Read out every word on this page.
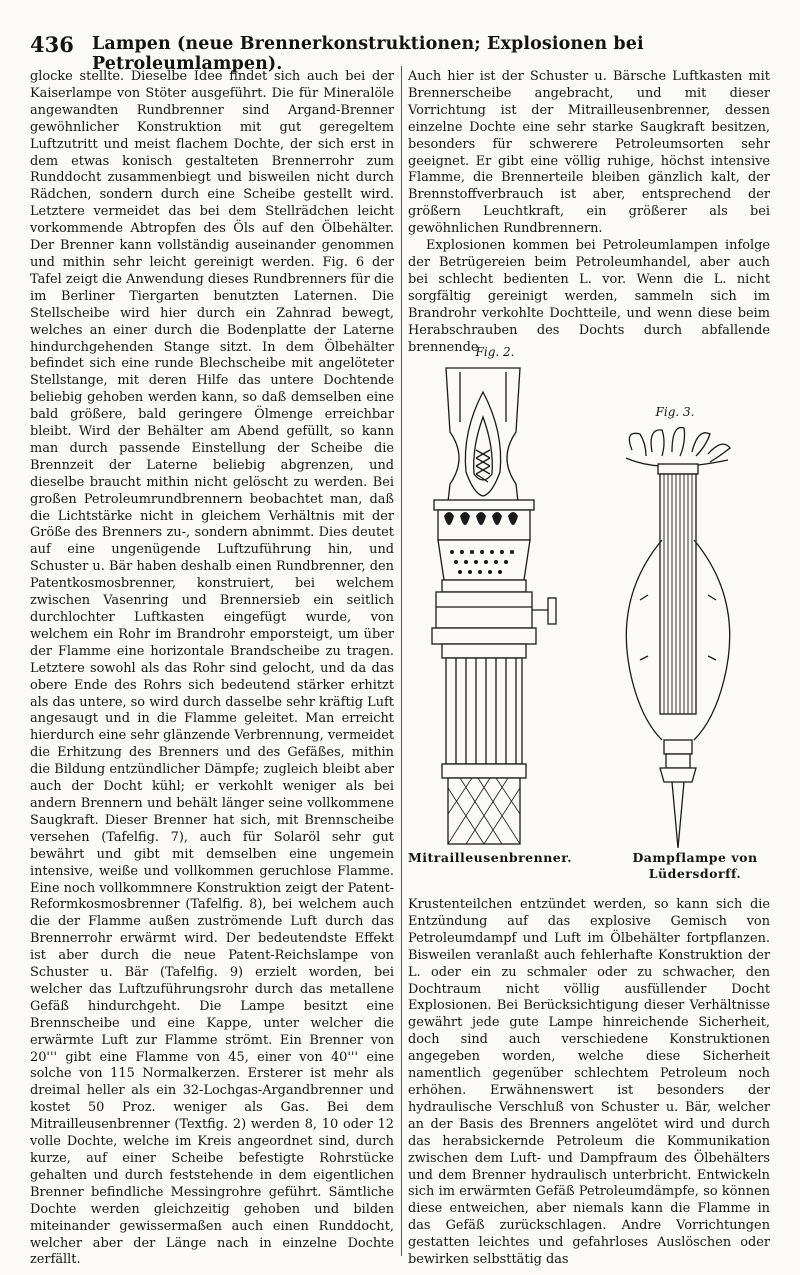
436 Lampen (neue Brennerkonstruktionen; Explosionen bei Petroleumlampen).

glocke stellte. Dieselbe Idee findet sich auch bei der Kaiserlampe von Stöter ausgeführt. Die für Mineralöle angewandten Rundbrenner sind Argand-Brenner gewöhnlicher Konstruktion mit gut geregeltem Luftzutritt und meist flachem Dochte, der sich erst in dem etwas konisch gestalteten Brennerrohr zum Runddocht zusammenbiegt und bisweilen nicht durch Rädchen, sondern durch eine Scheibe gestellt wird. Letztere vermeidet das bei dem Stellrädchen leicht vorkommende Abtropfen des Öls auf den Ölbehälter. Der Brenner kann vollständig auseinander genommen und mithin sehr leicht gereinigt werden. Fig. 6 der Tafel zeigt die Anwendung dieses Rundbrenners für die im Berliner Tiergarten benutzten Laternen. Die Stellscheibe wird hier durch ein Zahnrad bewegt, welches an einer durch die Bodenplatte der Laterne hindurchgehenden Stange sitzt. In dem Ölbehälter befindet sich eine runde Blechscheibe mit angelöteter Stellstange, mit deren Hilfe das untere Dochtende beliebig gehoben werden kann, so daß demselben eine bald größere, bald geringere Ölmenge erreichbar bleibt. Wird der Behälter am Abend gefüllt, so kann man durch passende Einstellung der Scheibe die Brennzeit der Laterne beliebig abgrenzen, und dieselbe braucht mithin nicht gelöscht zu werden. Bei großen Petroleumrundbrennern beobachtet man, daß die Lichtstärke nicht in gleichem Verhältnis mit der Größe des Brenners zu-, sondern abnimmt. Dies deutet auf eine ungenügende Luftzuführung hin, und Schuster u. Bär haben deshalb einen Rundbrenner, den Patentkosmosbrenner, konstruiert, bei welchem zwischen Vasenring und Brennersieb ein seitlich durchlochter Luftkasten eingefügt wurde, von welchem ein Rohr im Brandrohr emporsteigt, um über der Flamme eine horizontale Brandscheibe zu tragen. Letztere sowohl als das Rohr sind gelocht, und da das obere Ende des Rohrs sich bedeutend stärker erhitzt als das untere, so wird durch dasselbe sehr kräftig Luft angesaugt und in die Flamme geleitet. Man erreicht hierdurch eine sehr glänzende Verbrennung, vermeidet die Erhitzung des Brenners und des Gefäßes, mithin die Bildung entzündlicher Dämpfe; zugleich bleibt aber auch der Docht kühl; er verkohlt weniger als bei andern Brennern und behält länger seine vollkommene Saugkraft. Dieser Brenner hat sich, mit Brennscheibe versehen (Tafelfig. 7), auch für Solaröl sehr gut bewährt und gibt mit demselben eine ungemein intensive, weiße und vollkommen geruchlose Flamme. Eine noch vollkommnere Konstruktion zeigt der Patent-Reformkosmosbrenner (Tafelfig. 8), bei welchem auch die der Flamme außen zuströmende Luft durch das Brennerrohr erwärmt wird. Der bedeutendste Effekt ist aber durch die neue Patent-Reichslampe von Schuster u. Bär (Tafelfig. 9) erzielt worden, bei welcher das Luftzuführungsrohr durch das metallene Gefäß hindurchgeht. Die Lampe besitzt eine Brennscheibe und eine Kappe, unter welcher die erwärmte Luft zur Flamme strömt. Ein Brenner von 20''' gibt eine Flamme von 45, einer von 40''' eine solche von 115 Normalkerzen. Ersterer ist mehr als dreimal heller als ein 32-Lochgas-Argandbrenner und kostet 50 Proz. weniger als Gas. Bei dem Mitrailleusenbrenner (Textfig. 2) werden 8, 10 oder 12 volle Dochte, welche im Kreis angeordnet sind, durch kurze, auf einer Scheibe befestigte Rohrstücke gehalten und durch feststehende in dem eigentlichen Brenner befindliche Messingrohre geführt. Sämtliche Dochte werden gleichzeitig gehoben und bilden miteinander gewissermaßen auch einen Runddocht, welcher aber der Länge nach in einzelne Dochte zerfällt.

Auch hier ist der Schuster u. Bärsche Luftkasten mit Brennerscheibe angebracht, und mit dieser Vorrichtung ist der Mitrailleusenbrenner, dessen einzelne Dochte eine sehr starke Saugkraft besitzen, besonders für schwerere Petroleumsorten sehr geeignet. Er gibt eine völlig ruhige, höchst intensive Flamme, die Brennerteile bleiben gänzlich kalt, der Brennstoffverbrauch ist aber, entsprechend der größern Leuchtkraft, ein größerer als bei gewöhnlichen Rundbrennern.

Explosionen kommen bei Petroleumlampen infolge der Betrügereien beim Petroleumhandel, aber auch bei schlecht bedienten L. vor. Wenn die L. nicht sorgfältig gereinigt werden, sammeln sich im Brandrohr verkohlte Dochtteile, und wenn diese beim Herabschrauben des Dochts durch abfallende brennende

Fig. 2.
Mitrailleusenbrenner.
Fig. 3.
Dampflampe von
Lüdersdorff.

Krustenteilchen entzündet werden, so kann sich die Entzündung auf das explosive Gemisch von Petroleumdampf und Luft im Ölbehälter fortpflanzen. Bisweilen veranlaßt auch fehlerhafte Konstruktion der L. oder ein zu schmaler oder zu schwacher, den Dochtraum nicht völlig ausfüllender Docht Explosionen. Bei Berücksichtigung dieser Verhältnisse gewährt jede gute Lampe hinreichende Sicherheit, doch sind auch verschiedene Konstruktionen angegeben worden, welche diese Sicherheit namentlich gegenüber schlechtem Petroleum noch erhöhen. Erwähnenswert ist besonders der hydraulische Verschluß von Schuster u. Bär, welcher an der Basis des Brenners angelötet wird und durch das herabsickernde Petroleum die Kommunikation zwischen dem Luft- und Dampfraum des Ölbehälters und dem Brenner hydraulisch unterbricht. Entwickeln sich im erwärmten Gefäß Petroleumdämpfe, so können diese entweichen, aber niemals kann die Flamme in das Gefäß zurückschlagen. Andre Vorrichtungen gestatten leichtes und gefahrloses Auslöschen oder bewirken selbsttätig das
